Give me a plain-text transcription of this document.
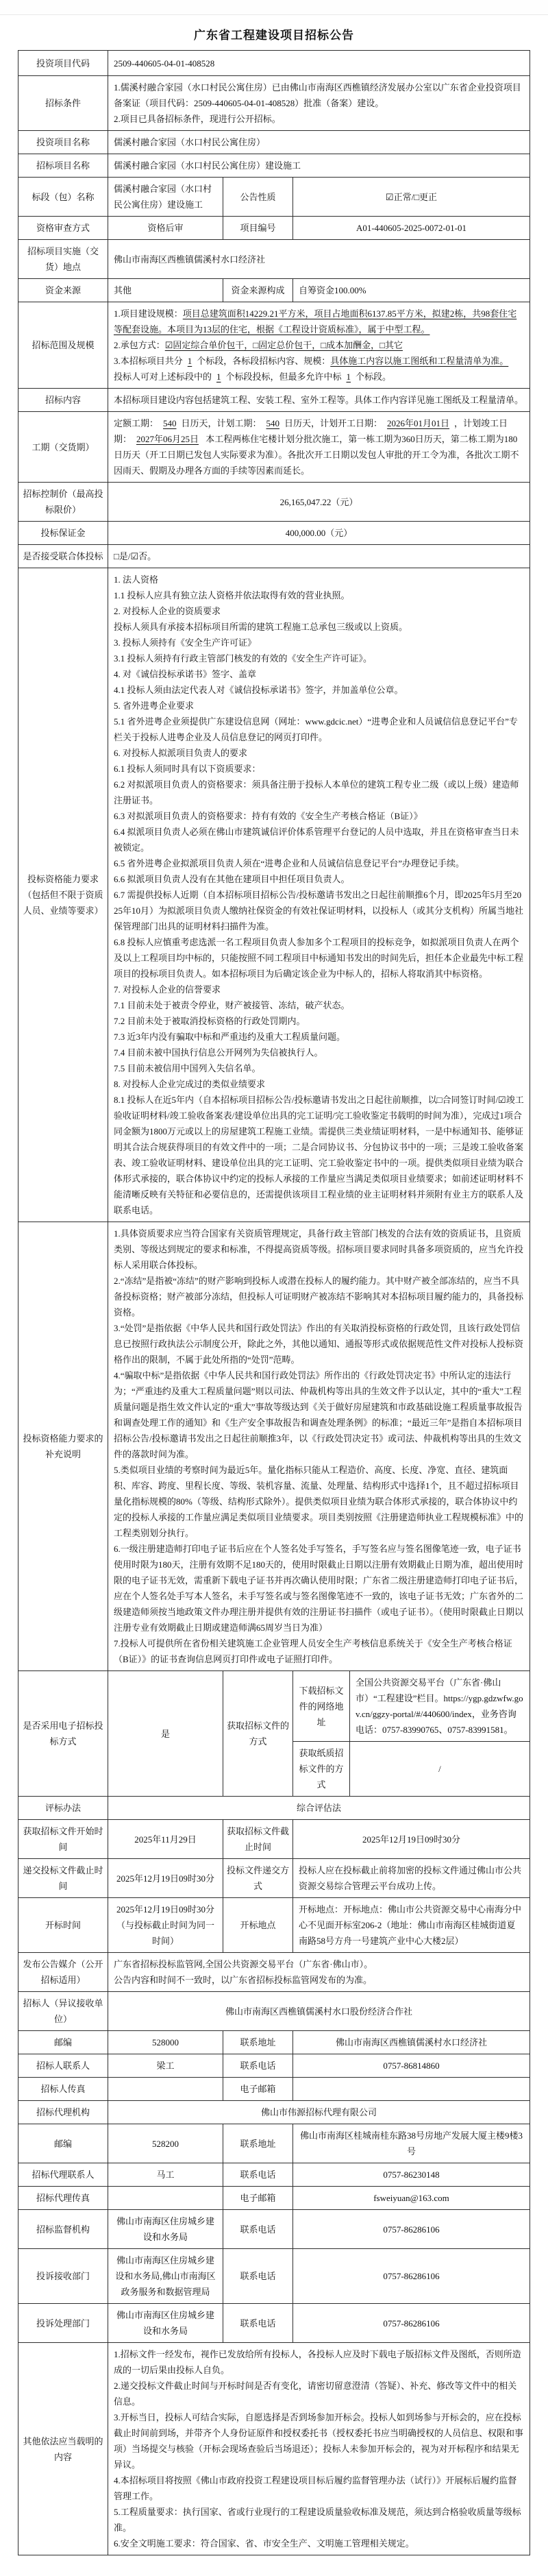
广东省工程建设项目招标公告
投资项目代码	2509-440605-04-01-408528			
招标条件	1.儒溪村融合家园（水口村民公寓住房）已由佛山市南海区西樵镇经济发展办公室以广东省企业投资项目备案证（项目代码：2509-440605-04-01-408528）批准（备案）建设。

2.项目已具备招标条件，现进行公开招标。			

投资项目名称	儒溪村融合家园（水口村民公寓住房）			
招标项目名称	儒溪村融合家园（水口村民公寓住房）建设施工			
标段（包）名称	儒溪村融合家园（水口村民公寓住房）建设施工	公告性质	☑正常/□更正	
资格审查方式	资格后审	项目编号	A01-440605-2025-0072-01-01	
招标项目实施（交货）地点	佛山市南海区西樵镇儒溪村水口经济社			
资金来源	其他	资金来源构成	自筹资金100.00%	
招标范围及规模	1.项目建设规模：项目总建筑面积14229.21平方米，项目占地面积6137.85平方米，拟建2栋，共98套住宅等配套设施。本项目为13层的住宅，根据《工程设计资质标准》，属于中型工程。

2.承包方式：☑固定综合单价包干，□固定总价包干，□成本加酬金，□其它

3.本招标项目共分 1 个标段，各标段招标内容、规模：具体施工内容以施工图纸和工程量清单为准。

投标人可对上述标段中的 1 个标段投标，但最多允许中标 1 个标段。			

招标内容	本招标项目建设内容包括建筑工程、安装工程、室外工程等。具体工作内容详见施工图纸及工程量清单。			
工期（交货期）	定额工期： 540 日历天，计划工期： 540 日历天，计划开工日期： 2026年01月01日 ，计划竣工日期： 2027年06月25日 本工程两栋住宅楼计划分批次施工，第一栋工期为360日历天，第二栋工期为180日历天（开工日期已发包人实际要求为准）。各批次开工日期以发包人审批的开工令为准，各批次工期不因雨天、假期及办理各方面的手续等因素而延长。			

招标控制价（最高投标限价）	26,165,047.22（元）			
投标保证金	400,000.00（元）			
是否接受联合体投标	□是/☑否。			
投标资格能力要求（包括但不限于资质人员、业绩等要求）	

1. 法人资格

1.1 投标人应具有独立法人资格并依法取得有效的营业执照。

2. 对投标人企业的资质要求

投标人须具有承接本招标项目所需的建筑工程施工总承包三级或以上资质。

3. 投标人须持有《安全生产许可证》

3.1 投标人须持有行政主管部门核发的有效的《安全生产许可证》。

4. 对《诚信投标承诺书》签字、盖章

4.1 投标人须由法定代表人对《诚信投标承诺书》签字，并加盖单位公章。

5. 省外进粤企业要求

5.1 省外进粤企业须提供广东建设信息网（网址：www.gdcic.net）“进粤企业和人员诚信信息登记平台”专栏关于投标人进粤企业及人员信息登记的网页打印件。

6. 对投标人拟派项目负责人的要求

6.1 投标人须同时具有以下资质要求：

6.2 对拟派项目负责人的资格要求：须具备注册于投标人本单位的建筑工程专业二级（或以上级）建造师注册证书。

6.3 对拟派项目负责人的资格要求：持有有效的《安全生产考核合格证（B证）》

6.4 拟派项目负责人必须在佛山市建筑诚信评价体系管理平台登记的人员中选取，并且在资格审查当日未被锁定。

6.5 省外进粤企业拟派项目负责人须在“进粤企业和人员诚信信息登记平台”办理登记手续。

6.6 拟派项目负责人没有在其他在建项目中担任项目负责人。

6.7 需提供投标人近期（自本招标项目招标公告/投标邀请书发出之日起往前顺推6个月，即2025年5月至2025年10月）为拟派项目负责人缴纳社保资金的有效社保证明材料，以投标人（或其分支机构）所属当地社保管理部门出具的证明材料扫描件为准。

6.8 投标人应慎重考虑选派一名工程项目负责人参加多个工程项目的投标竞争，如拟派项目负责人在两个及以上工程项目均中标的，只能按照不同工程项目中标通知书发出的时间先后，担任本企业最先中标工程项目的投标项目负责人。如本招标项目为后确定该企业为中标人的，招标人将取消其中标资格。

7. 对投标人企业的信誉要求

7.1 目前未处于被责令停业，财产被接管、冻结，破产状态。

7.2 目前未处于被取消投标资格的行政处罚期内。

7.3 近3年内没有骗取中标和严重违约及重大工程质量问题。

7.4 目前未被中国执行信息公开网列为失信被执行人。

7.5 目前未被信用中国列入失信名单。

8. 对投标人企业完成过的类似业绩要求

8.1 投标人在近5年内（自本招标项目招标公告/投标邀请书发出之日起往前顺推，以□合同签订时间/☑竣工验收证明材料/竣工验收备案表/建设单位出具的完工证明/完工验收鉴定书载明的时间为准），完成过1项合同金额为1800万元或以上的房屋建筑工程施工业绩。需提供三类业绩证明材料，一是中标通知书、能够证明其合法合规获得项目的有效文件中的一项；二是合同协议书、分包协议书中的一项；三是竣工验收备案表、竣工验收证明材料、建设单位出具的完工证明、完工验收鉴定书中的一项。提供类似项目业绩为联合体形式承接的，联合体协议中约定的投标人承接的工作量应当满足类似项目业绩要求；如前述证明材料不能清晰反映有关特征和必要信息的，还需提供该项目工程业绩的业主证明材料并须附有业主方的联系人及联系电话。

投标资格能力要求的补充说明	

1.具体资质要求应当符合国家有关资质管理规定，具备行政主管部门核发的合法有效的资质证书，且资质类别、等级达到规定的要求和标准，不得提高资质等级。招标项目要求同时具备多项资质的，应当允许投标人采用联合体投标。

2.“冻结”是指被“冻结”的财产影响到投标人或潜在投标人的履约能力。其中财产被全部冻结的，应当不具备投标资格；财产被部分冻结，但投标人可证明财产被冻结不影响其对本招标项目履约能力的，具备投标资格。

3.“处罚”是指依据《中华人民共和国行政处罚法》作出的有关取消投标资格的行政处罚，且该行政处罚信息已按照行政执法公示制度公开，除此之外，其他以通知、通报等形式或依据规范性文件对投标人投标资格作出的限制，不属于此处所指的“处罚”范畴。

4.“骗取中标”是指依据《中华人民共和国行政处罚法》所作出的《行政处罚决定书》中所认定的违法行为；“严重违约及重大工程质量问题”则以司法、仲裁机构等出具的生效文件予以认定，其中的“重大”工程质量问题是指生效文件认定的“重大”事故等级达到《关于做好房屋建筑和市政基础设施工程质量事故报告和调查处理工作的通知》和《生产安全事故报告和调查处理条例》的标准；“最近三年”是指自本招标项目招标公告/投标邀请书发出之日起往前顺推3年，以《行政处罚决定书》或司法、仲裁机构等出具的生效文件的落款时间为准。

5.类似项目业绩的考察时间为最近5年。量化指标只能从工程造价、高度、长度、净宽、直径、建筑面积、库容、跨度、里程长度、等级、装机容量、流量、处理量、结构形式中选择1个，且不超过招标项目量化指标规模的80%（等级、结构形式除外）。提供类似项目业绩为联合体形式承接的，联合体协议中约定的投标人承接的工作量应满足类似项目业绩要求。项目类别按照《注册建造师执业工程规模标准》中的工程类别划分执行。

6.一级注册建造师打印电子证书后应在个人签名处手写签名，手写签名应与签名图像笔迹一致，电子证书使用时限为180天，注册有效期不足180天的，使用时限截止日期以注册有效期截止日期为准，超出使用时限的电子证书无效，需重新下载电子证书并再次确认使用时限；广东省二级注册建造师打印电子证书后，应在个人签名处手写本人签名，未手写签名或与签名图像笔迹不一致的，该电子证书无效；广东省外的二级建造师须按当地政策文件办理注册并提供有效的注册证书扫描件（或电子证书）。（使用时限截止日期以注册专业有效期截止日期或建造师满65周岁当日为准）

7.投标人可提供所在省份相关建筑施工企业管理人员安全生产考核信息系统关于《安全生产考核合格证（B证）》的证书查询信息网页打印件或电子证照打印件。

是否采用电子招标投标方式	是	获取招标文件的方式	下载招标文件的网络地址	全国公共资源交易平台（广东省·佛山市）“工程建设”栏目。https://ygp.gdzwfw.gov.cn/ggzy-portal/#/440600/index，业务咨询电话：0757-83990765、0757-83991581。
			获取纸质招标文件的方式	/
评标办法	综合评估法			
获取招标文件开始时间	2025年11月29日	获取招标文件截止时间	2025年12月19日09时30分	
递交投标文件截止时间	2025年12月19日09时30分	投标文件递交方式	投标人应在投标截止前将加密的投标文件通过佛山市公共资源交易综合管理云平台成功上传。	
开标时间	2025年12月19日09时30分（与投标截止时间为同一时间）	开标地点	开标地点：开标地点：佛山市公共资源交易中心南海分中心不见面开标室206-2（地址：佛山市南海区桂城街道夏南路58号方舟一号建筑产业中心大楼2层）	
发布公告媒介（公开招标适用）	广东省招标投标监管网,全国公共资源交易平台（广东省·佛山市）。

公告内容和时间不一致时，以广东省招标投标监管网发布的为准。			

招标人（异议接收单位）	佛山市南海区西樵镇儒溪村水口股份经济合作社			
邮编	528000	联系地址	佛山市南海区西樵镇儒溪村水口经济社	
招标人联系人	梁工	联系电话	0757-86814860	
招标人传真		电子邮箱		
招标代理机构	佛山市伟源招标代理有限公司			
邮编	528200	联系地址	佛山市南海区桂城南桂东路38号房地产发展大厦主楼9楼3号	
招标代理联系人	马工	联系电话	0757-86230148	
招标代理传真		电子邮箱	fsweiyuan@163.com	
招标监督机构	佛山市南海区住房城乡建设和水务局	联系电话	0757-86286106	
投诉接收部门	佛山市南海区住房城乡建设和水务局,佛山市南海区政务服务和数据管理局	联系电话	0757-86286106	
投诉处理部门	佛山市南海区住房城乡建设和水务局	联系电话	0757-86286106	
其他依法应当载明的内容	

1.招标文件一经发布，视作已发放给所有投标人，各投标人应及时下载电子版招标文件及图纸，否则所造成的一切后果由投标人自负。

2.递交投标文件截止时间与开标时间是否有变化，请密切留意澄清（答疑）、补充、修改等文件中的相关信息。

3.开标当日，投标人可结合实际，自愿选择是否到场参加开标会。投标人如到场参与开标会的，应在投标截止时间前到场，并带齐个人身份证原件和授权委托书（授权委托书应当明确授权的人员信息、权限和事项）当场提交与核验（开标会现场查验后当场退还）；投标人未参加开标会的，视为对开标程序和结果无异议。

4.本招标项目将按照《佛山市政府投资工程建设项目标后履约监督管理办法（试行）》开展标后履约监督管理工作。

5.工程质量要求：执行国家、省或行业现行的工程建设质量验收标准及规范，须达到合格验收质量等级标准。

6.安全文明施工要求：符合国家、省、市安全生产、文明施工管理相关规定。
